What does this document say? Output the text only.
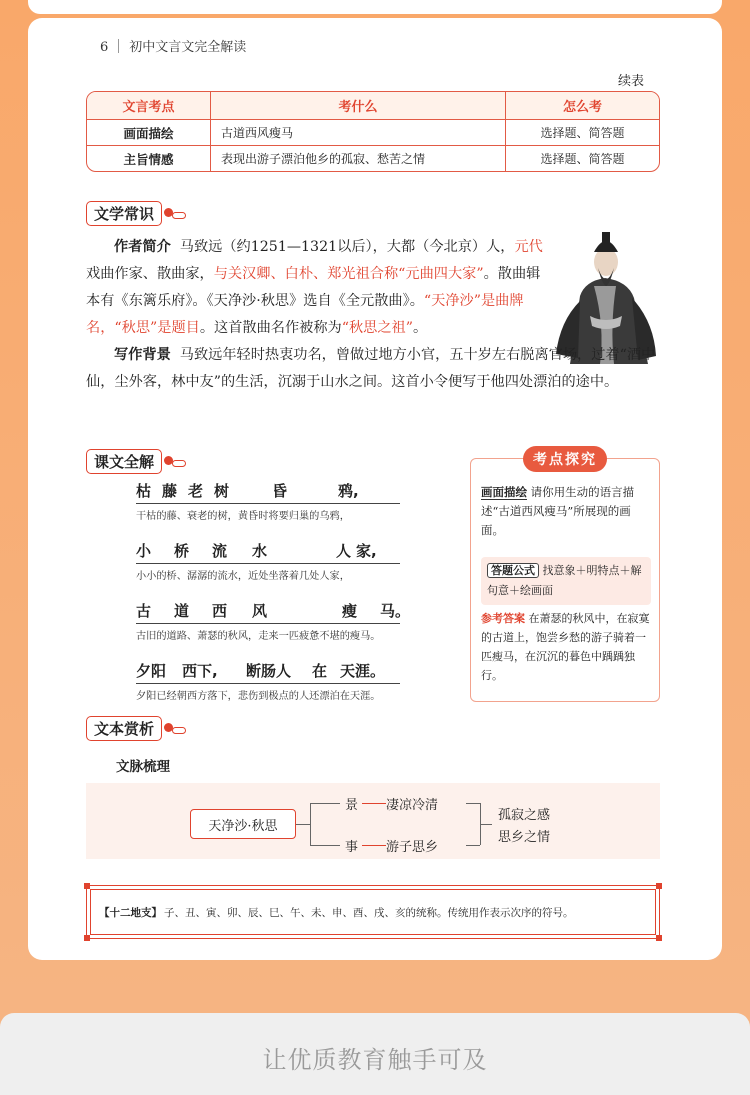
6 初中文言文完全解读
续表
文言考点	考什么	怎么考
画面描绘	古道西风瘦马	选择题、简答题
主旨情感	表现出游子漂泊他乡的孤寂、愁苦之情	选择题、简答题
文学常识
作者简介 马致远（约1251—1321以后），大都（今北京）人，元代戏曲作家、散曲家，与关汉卿、白朴、郑光祖合称“元曲四大家”。散曲辑本有《东篱乐府》。《天净沙·秋思》选自《全元散曲》。“天净沙”是曲牌名，“秋思”是题目。这首散曲名作被称为“秋思之祖”。
写作背景 马致远年轻时热衷功名，曾做过地方小官，五十岁左右脱离官场，过着“酒中仙，尘外客，林中友”的生活，沉溺于山水之间。这首小令便写于他四处漂泊的途中。
课文全解
枯 藤 老 树	昏	鸦,
干枯的藤、衰老的树，黄昏时将要归巢的乌鸦，
小 桥 流 水	人 家,
小小的桥、潺潺的流水，近处坐落着几处人家，
古 道 西 风	瘦 马。
古旧的道路、萧瑟的秋风，走来一匹疲惫不堪的瘦马。
夕阳 西下, 断肠人 在 天涯。
夕阳已经朝西方落下，悲伤到极点的人还漂泊在天涯。
画面描绘 请你用生动的语言描述“古道西风瘦马”所展现的画面。
答题公式 找意象＋明特点＋解句意＋绘画面
参考答案 在萧瑟的秋风中，在寂寞的古道上，饱尝乡愁的游子骑着一匹瘦马，在沉沉的暮色中踽踽独行。
考点探究
文本赏析
文脉梳理
天净沙·秋思
景
事
凄凉冷清
游子思乡
孤寂之感
思乡之情
【十二地支】 子、丑、寅、卯、辰、巳、午、未、申、酉、戌、亥的统称。传统用作表示次序的符号。
让优质教育触手可及
